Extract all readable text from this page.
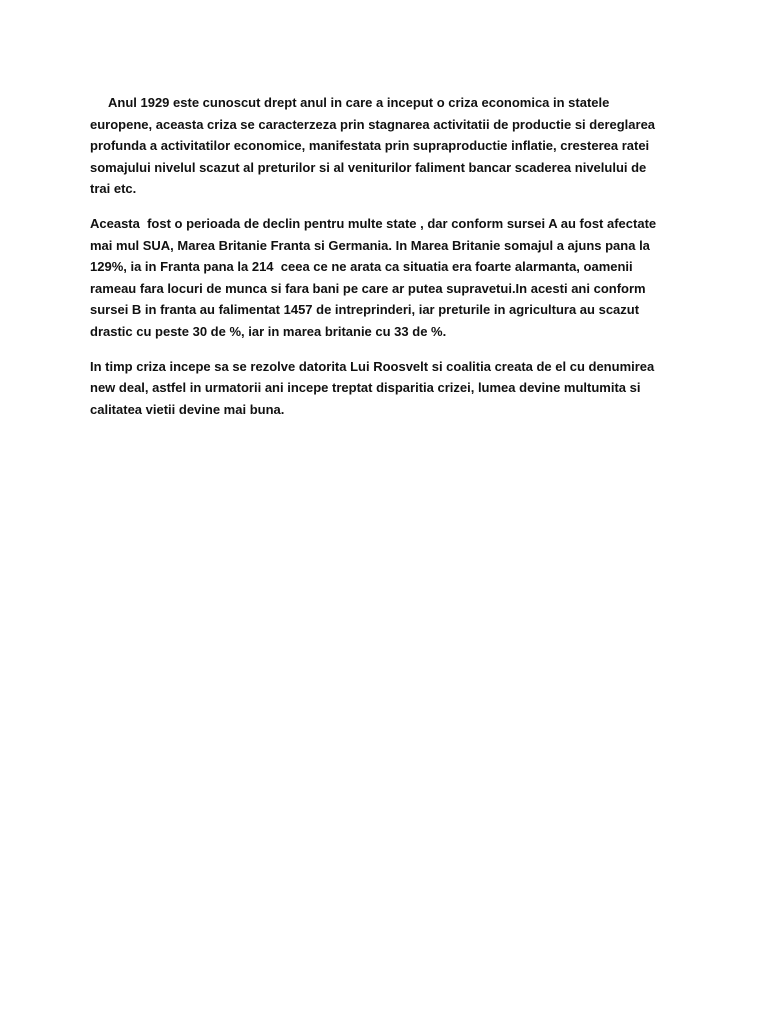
Anul 1929 este cunoscut drept anul in care a inceput o criza economica in statele
europene, aceasta criza se caracterzeza prin stagnarea activitatii de productie si dereglarea
profunda a activitatilor economice, manifestata prin supraproductie inflatie, cresterea ratei
somajului nivelul scazut al preturilor si al veniturilor faliment bancar scaderea nivelului de
trai etc.
Aceasta  fost o perioada de declin pentru multe state , dar conform sursei A au fost afectate
mai mul SUA, Marea Britanie Franta si Germania. In Marea Britanie somajul a ajuns pana la
129%, ia in Franta pana la 214  ceea ce ne arata ca situatia era foarte alarmanta, oamenii
rameau fara locuri de munca si fara bani pe care ar putea supravetui.In acesti ani conform
sursei B in franta au falimentat 1457 de intreprinderi, iar preturile in agricultura au scazut
drastic cu peste 30 de %, iar in marea britanie cu 33 de %.
In timp criza incepe sa se rezolve datorita Lui Roosvelt si coalitia creata de el cu denumirea
new deal, astfel in urmatorii ani incepe treptat disparitia crizei, lumea devine multumita si
calitatea vietii devine mai buna.
